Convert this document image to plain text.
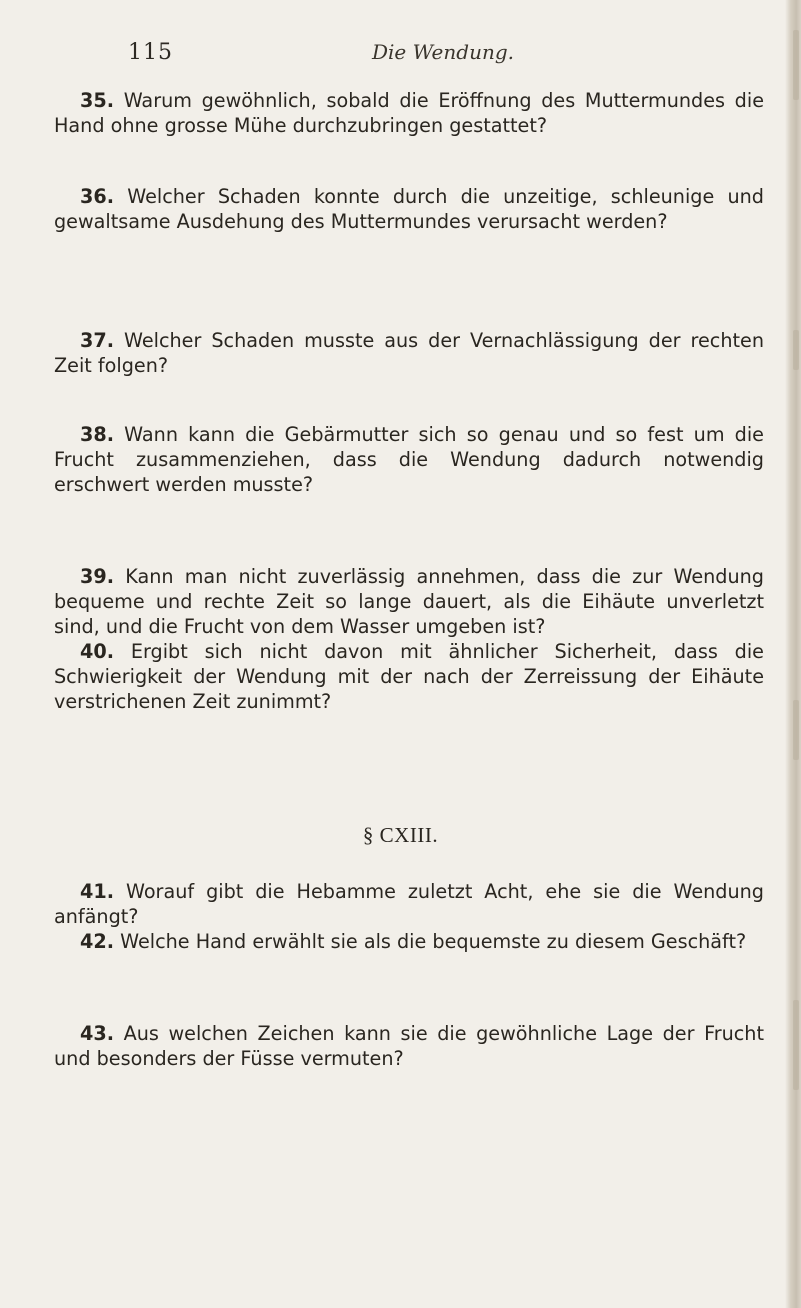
115	Die Wendung.

35. Warum gewöhnlich, sobald die Eröffnung des Muttermundes die Hand ohne grosse Mühe durchzubringen gestattet?

36. Welcher Schaden konnte durch die unzeitige, schleunige und gewaltsame Ausdehung des Muttermundes verursacht werden?

37. Welcher Schaden musste aus der Vernachlässigung der rechten Zeit folgen?

38. Wann kann die Gebärmutter sich so genau und so fest um die Frucht zusammenziehen, dass die Wendung dadurch notwendig erschwert werden musste?

39. Kann man nicht zuverlässig annehmen, dass die zur Wendung bequeme und rechte Zeit so lange dauert, als die Eihäute unverletzt sind, und die Frucht von dem Wasser umgeben ist?

40. Ergibt sich nicht davon mit ähnlicher Sicherheit, dass die Schwierigkeit der Wendung mit der nach der Zerreissung der Eihäute verstrichenen Zeit zunimmt?

§ CXIII.

41. Worauf gibt die Hebamme zuletzt Acht, ehe sie die Wendung anfängt?

42. Welche Hand erwählt sie als die bequemste zu diesem Geschäft?

43. Aus welchen Zeichen kann sie die gewöhnliche Lage der Frucht und besonders der Füsse vermuten?
